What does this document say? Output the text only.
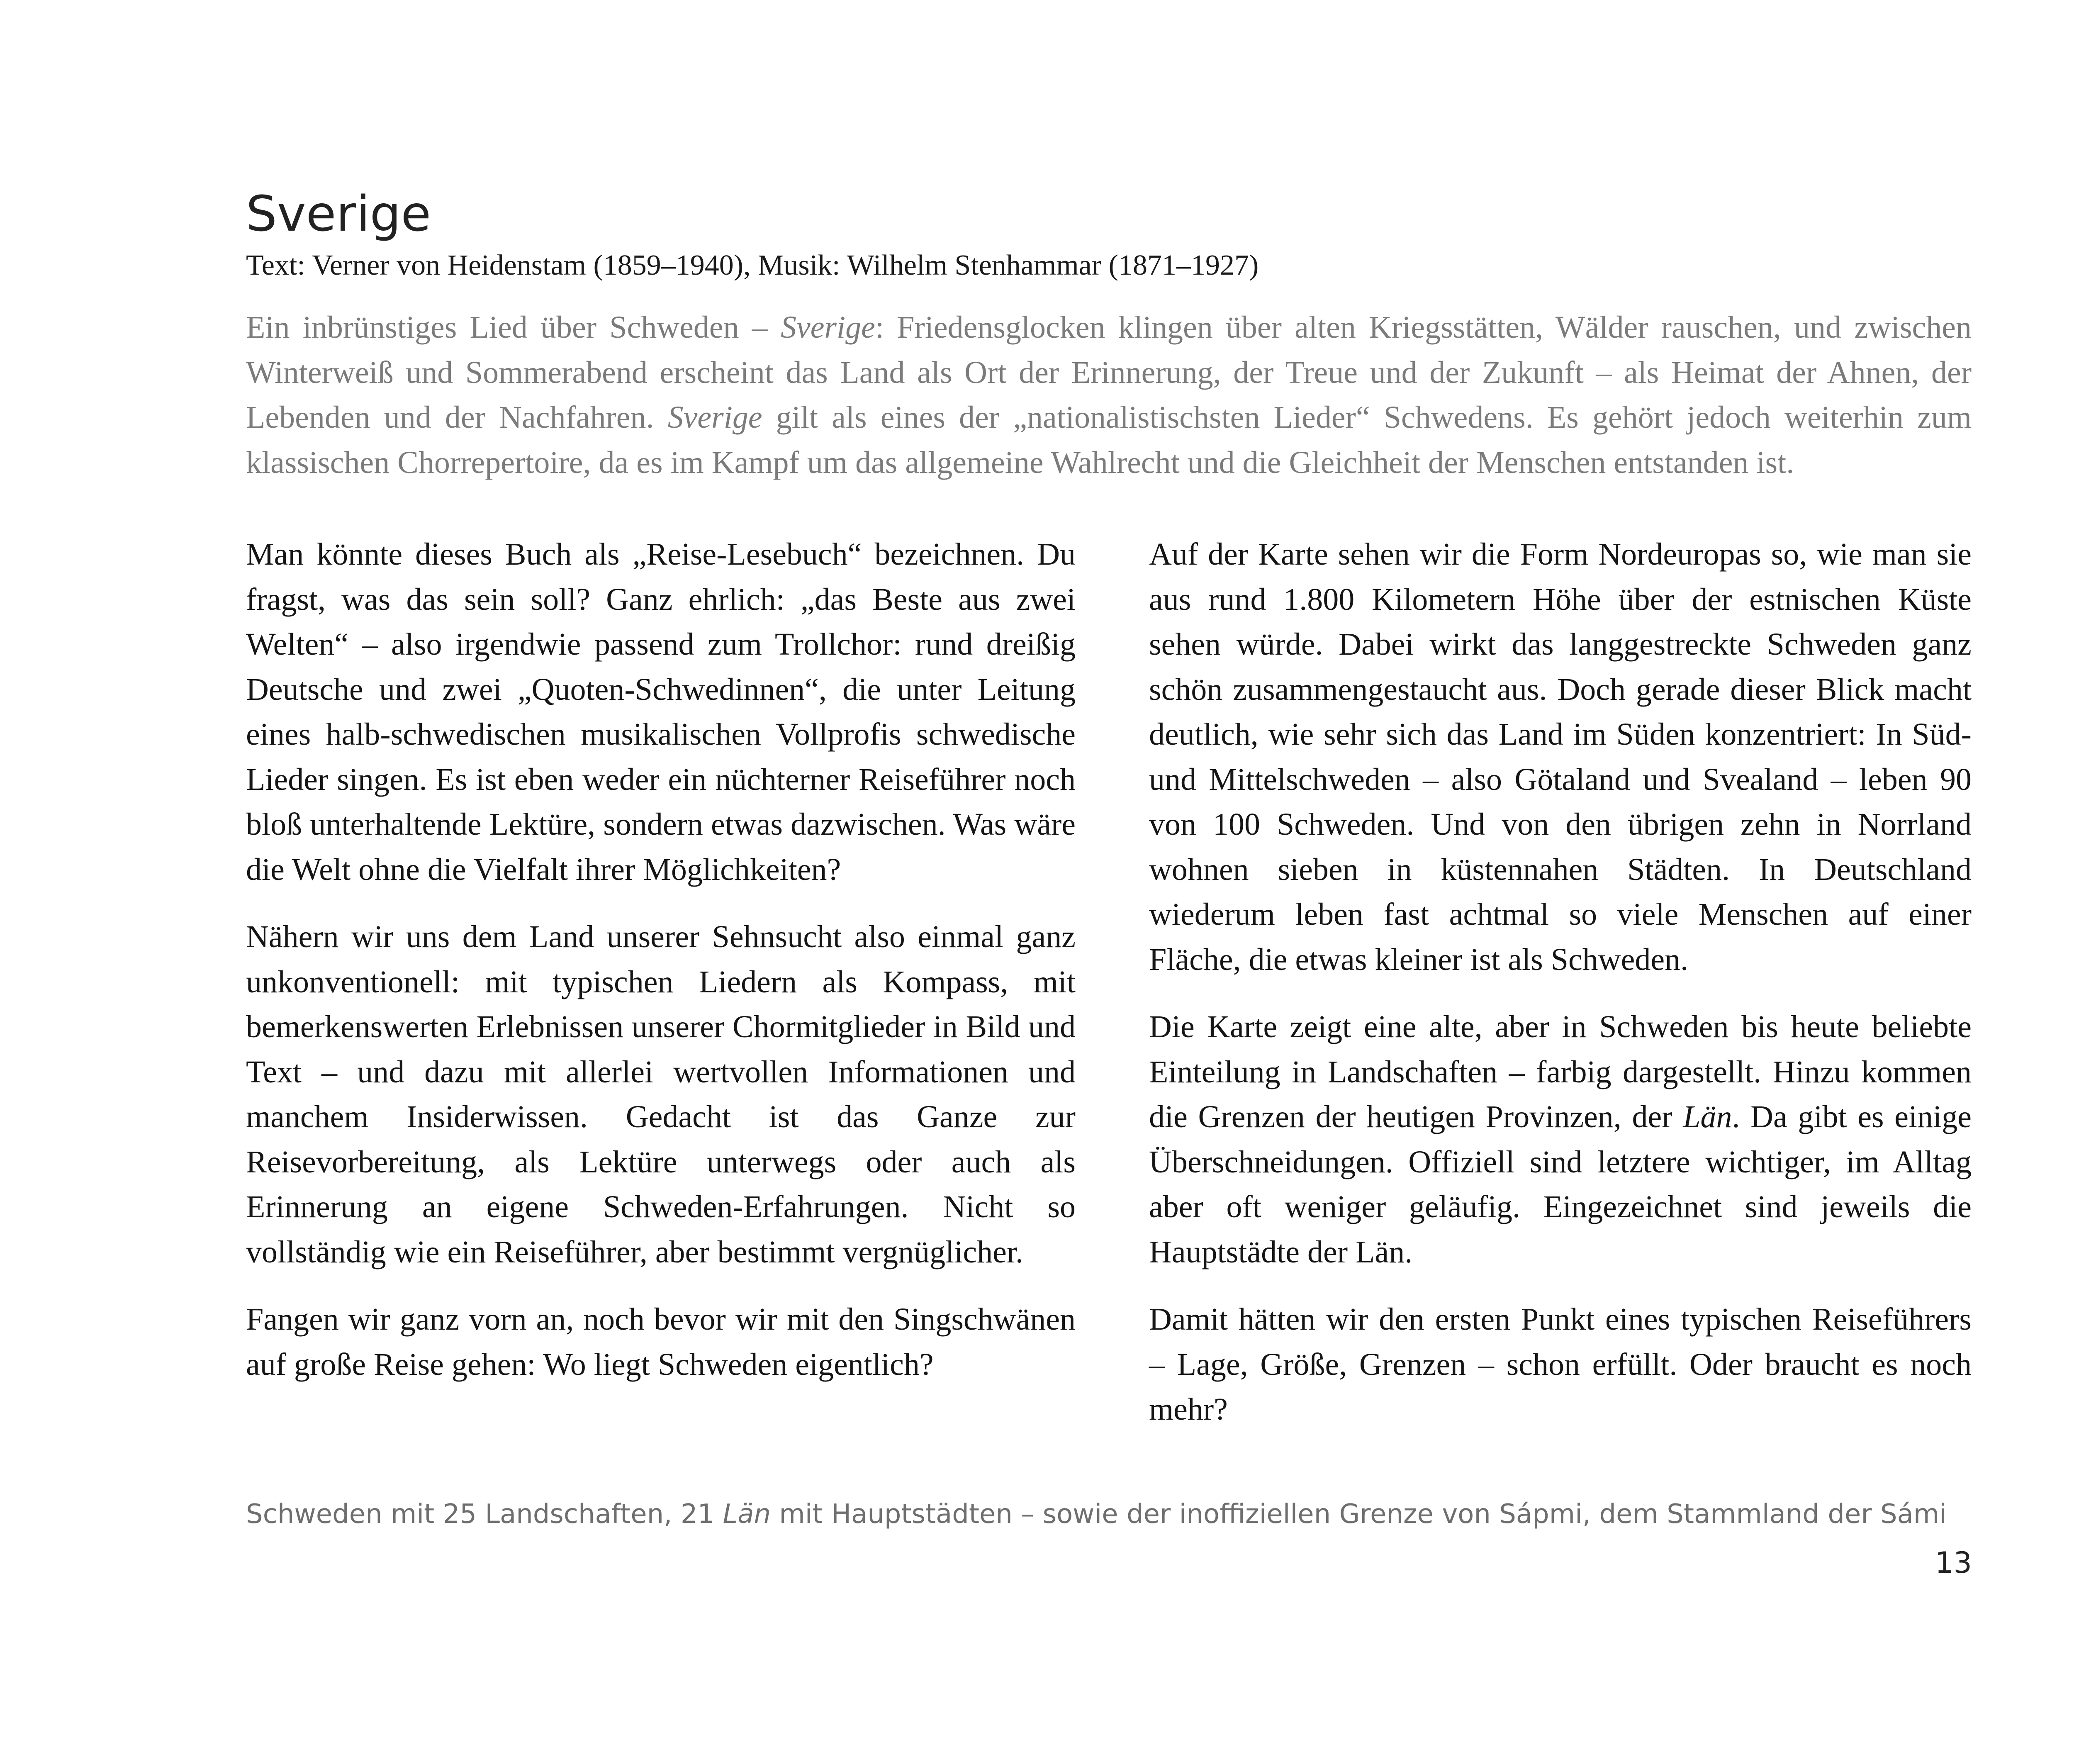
Sverige

Text: Verner von Heidenstam (1859–1940), Musik: Wilhelm Stenhammar (1871–1927)

Ein inbrünstiges Lied über Schweden – Sverige: Friedensglocken klingen über alten Kriegsstätten, Wälder rauschen, und zwischen Winterweiß und Sommerabend erscheint das Land als Ort der Erinnerung, der Treue und der Zukunft – als Heimat der Ahnen, der Lebenden und der Nachfahren. Sverige gilt als eines der „nationalistischsten Lieder“ Schwedens. Es gehört jedoch weiterhin zum klassischen Chorrepertoire, da es im Kampf um das allgemeine Wahlrecht und die Gleichheit der Menschen entstanden ist.

Man könnte dieses Buch als „Reise-Lesebuch“ bezeichnen. Du fragst, was das sein soll? Ganz ehrlich: „das Beste aus zwei Welten“ – also irgendwie passend zum Trollchor: rund dreißig Deutsche und zwei „Quoten-Schwedinnen“, die unter Leitung eines halb-schwedischen musikalischen Vollprofis schwedische Lieder singen. Es ist eben weder ein nüchterner Reiseführer noch bloß unterhaltende Lektüre, sondern etwas dazwischen. Was wäre die Welt ohne die Vielfalt ihrer Möglichkeiten?

Nähern wir uns dem Land unserer Sehnsucht also einmal ganz unkonventionell: mit typischen Liedern als Kompass, mit bemerkenswerten Erlebnissen unserer Chormitglieder in Bild und Text – und dazu mit allerlei wertvollen Informationen und manchem Insiderwissen. Gedacht ist das Ganze zur Reisevorbereitung, als Lektüre unterwegs oder auch als Erinnerung an eigene Schweden-Erfahrungen. Nicht so vollständig wie ein Reiseführer, aber bestimmt vergnüglicher.

Fangen wir ganz vorn an, noch bevor wir mit den Singschwänen auf große Reise gehen: Wo liegt Schweden eigentlich?

Auf der Karte sehen wir die Form Nordeuropas so, wie man sie aus rund 1.800 Kilometern Höhe über der estnischen Küste sehen würde. Dabei wirkt das langgestreckte Schweden ganz schön zusammengestaucht aus. Doch gerade dieser Blick macht deutlich, wie sehr sich das Land im Süden konzentriert: In Süd- und Mittelschweden – also Götaland und Svealand – leben 90 von 100 Schweden. Und von den übrigen zehn in Norrland wohnen sieben in küstennahen Städten. In Deutschland wiederum leben fast achtmal so viele Menschen auf einer Fläche, die etwas kleiner ist als Schweden.

Die Karte zeigt eine alte, aber in Schweden bis heute beliebte Einteilung in Landschaften – farbig dargestellt. Hinzu kommen die Grenzen der heutigen Provinzen, der Län. Da gibt es einige Überschneidungen. Offiziell sind letztere wichtiger, im Alltag aber oft weniger geläufig. Eingezeichnet sind jeweils die Hauptstädte der Län.

Damit hätten wir den ersten Punkt eines typischen Reiseführers – Lage, Größe, Grenzen – schon erfüllt. Oder braucht es noch mehr?

Schweden mit 25 Landschaften, 21 Län mit Hauptstädten – sowie der inoffiziellen Grenze von Sápmi, dem Stammland der Sámi

13
